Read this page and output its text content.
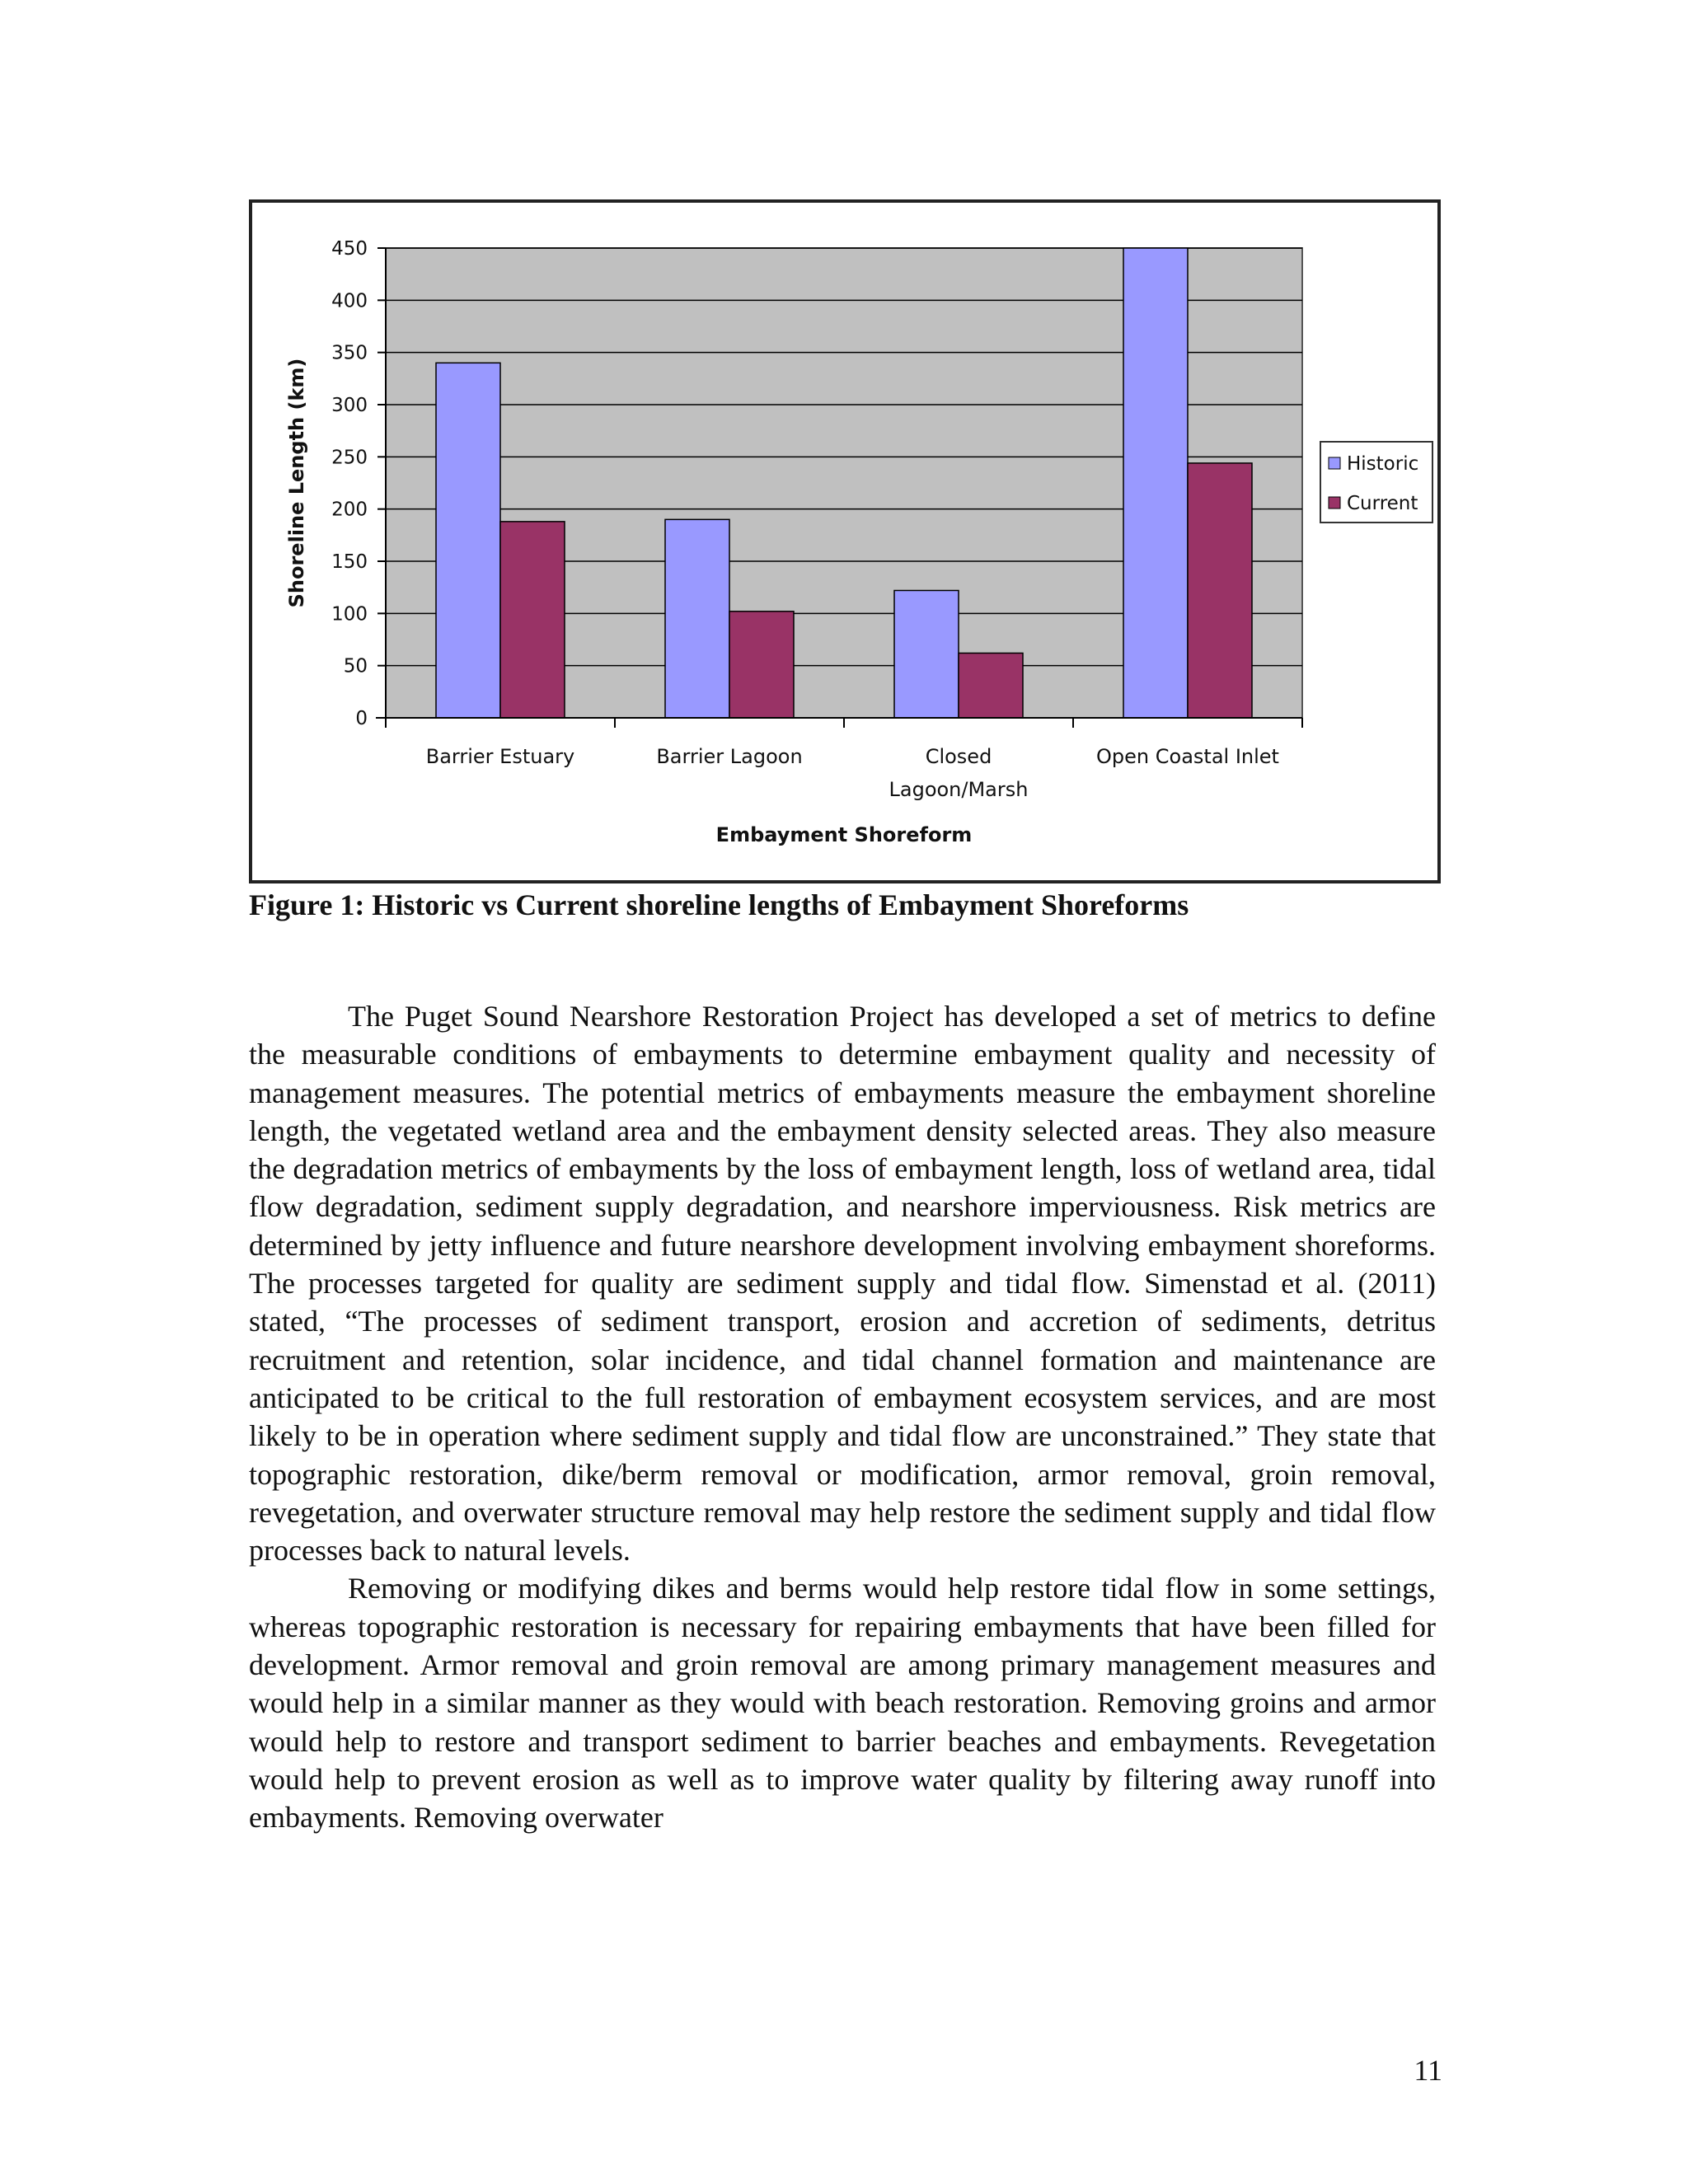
0
50
100
150
200
250
300
350
400
450
Barrier Estuary	Barrier Lagoon	Closed
Lagoon/Marsh
Open Coastal Inlet
Shoreline Length (km)
Embayment Shoreform
Historic
Current
Figure 1: Historic vs Current shoreline lengths of Embayment Shoreforms

The Puget Sound Nearshore Restoration Project has developed a set of metrics to define the measurable conditions of embayments to determine embayment quality and necessity of management measures. The potential metrics of embayments measure the embayment shoreline length, the vegetated wetland area and the embayment density selected areas. They also measure the degradation metrics of embayments by the loss of embayment length, loss of wetland area, tidal flow degradation, sediment supply degradation, and nearshore imperviousness. Risk metrics are determined by jetty influence and future nearshore development involving embayment shoreforms. The processes targeted for quality are sediment supply and tidal flow. Simenstad et al. (2011) stated, “The processes of sediment transport, erosion and accretion of sediments, detritus recruitment and retention, solar incidence, and tidal channel formation and maintenance are anticipated to be critical to the full restoration of embayment ecosystem services, and are most likely to be in operation where sediment supply and tidal flow are unconstrained.” They state that topographic restoration, dike/berm removal or modification, armor removal, groin removal, revegetation, and overwater structure removal may help restore the sediment supply and tidal flow processes back to natural levels.

Removing or modifying dikes and berms would help restore tidal flow in some settings, whereas topographic restoration is necessary for repairing embayments that have been filled for development. Armor removal and groin removal are among primary management measures and would help in a similar manner as they would with beach restoration. Removing groins and armor would help to restore and transport sediment to barrier beaches and embayments. Revegetation would help to prevent erosion as well as to improve water quality by filtering away runoff into embayments. Removing overwater

11
